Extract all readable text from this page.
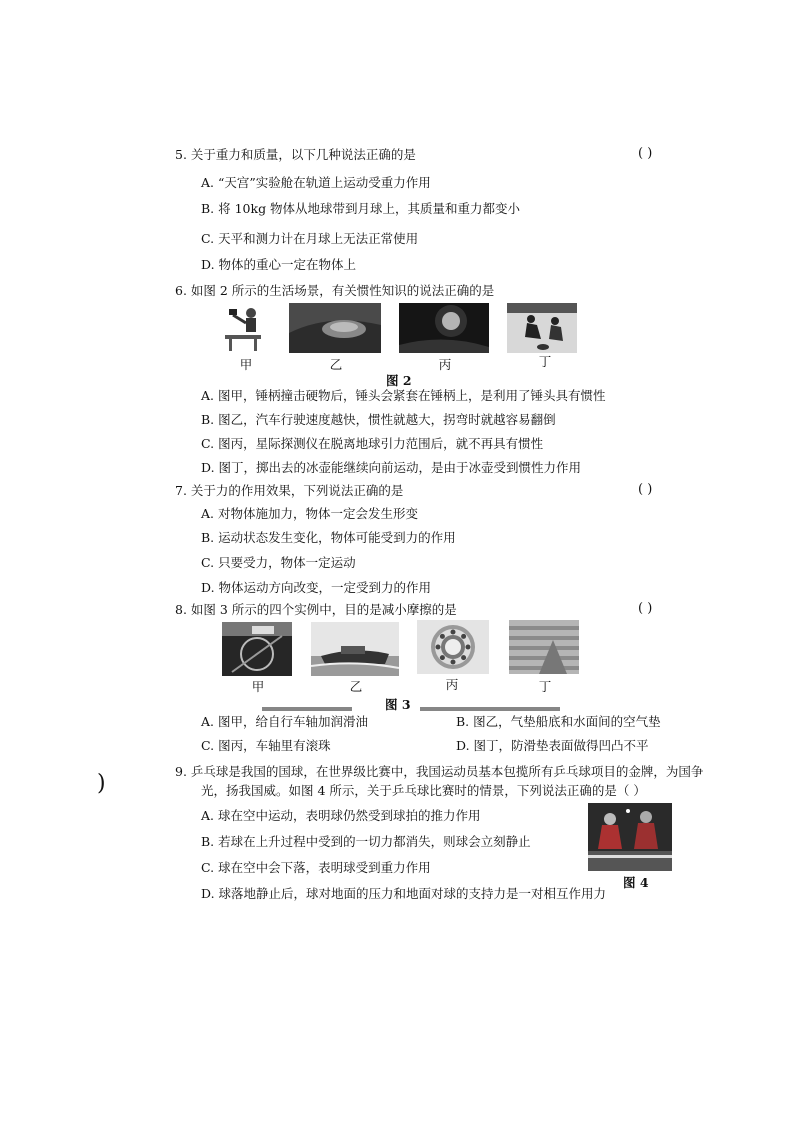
5. 关于重力和质量，以下几种说法正确的是	( )
A. “天宫”实验舱在轨道上运动受重力作用
B. 将 10kg 物体从地球带到月球上，其质量和重力都变小
C. 天平和测力计在月球上无法正常使用
D. 物体的重心一定在物体上
6. 如图 2 所示的生活场景，有关惯性知识的说法正确的是
甲	乙	丙	丁
图 2
A. 图甲，锤柄撞击硬物后，锤头会紧套在锤柄上，是利用了锤头具有惯性
B. 图乙，汽车行驶速度越快，惯性就越大，拐弯时就越容易翻倒
C. 图丙，星际探测仪在脱离地球引力范围后，就不再具有惯性
D. 图丁，掷出去的冰壶能继续向前运动，是由于冰壶受到惯性力作用
7. 关于力的作用效果，下列说法正确的是	( )
A. 对物体施加力，物体一定会发生形变
B. 运动状态发生变化，物体可能受到力的作用
C. 只要受力，物体一定运动
D. 物体运动方向改变，一定受到力的作用
8. 如图 3 所示的四个实例中，目的是减小摩擦的是	( )
甲	乙	丙	丁
图 3
A. 图甲，给自行车轴加润滑油	B. 图乙，气垫船底和水面间的空气垫
C. 图丙，车轴里有滚珠	D. 图丁，防滑垫表面做得凹凸不平
9. 乒乓球是我国的国球，在世界级比赛中，我国运动员基本包揽所有乒乓球项目的金牌，为国争
光，扬我国威。如图 4 所示，关于乒乓球比赛时的情景，下列说法正确的是（ ）
图 4
A. 球在空中运动，表明球仍然受到球拍的推力作用
B. 若球在上升过程中受到的一切力都消失，则球会立刻静止
C. 球在空中会下落，表明球受到重力作用
D. 球落地静止后，球对地面的压力和地面对球的支持力是一对相互作用力
)
